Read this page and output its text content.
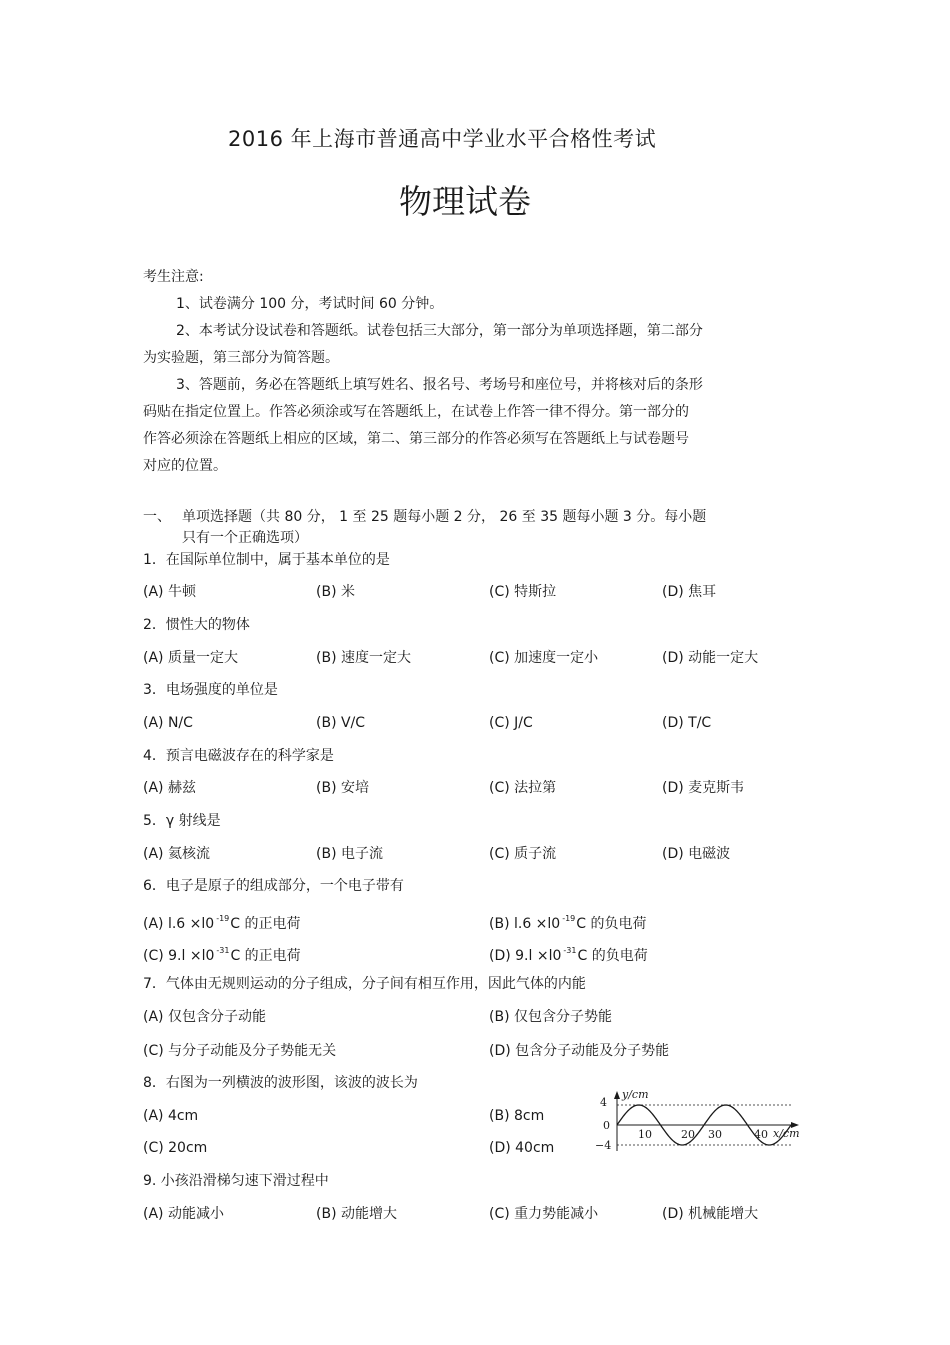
2016 年上海市普通高中学业水平合格性考试
物理试卷
考生注意:
1、试卷满分 100 分，考试时间 60 分钟。
2、本考试分设试卷和答题纸。试卷包括三大部分，第一部分为单项选择题，第二部分
为实验题，第三部分为简答题。
3、答题前，务必在答题纸上填写姓名、报名号、考场号和座位号，并将核对后的条形
码贴在指定位置上。作答必须涂或写在答题纸上，在试卷上作答一律不得分。第一部分的
作答必须涂在答题纸上相应的区域，第二、第三部分的作答必须写在答题纸上与试卷题号
对应的位置。
一、 单项选择题（共 80 分， 1 至 25 题每小题 2 分， 26 至 35 题每小题 3 分。每小题
只有一个正确选项）
1．在国际单位制中，属于基本单位的是
(A) 牛顿	(B) 米	(C) 特斯拉	(D) 焦耳
2．惯性大的物体
(A) 质量一定大	(B) 速度一定大	(C) 加速度一定小	(D) 动能一定大
3．电场强度的单位是
(A) N/C	(B) V/C	(C) J/C	(D) T/C
4．预言电磁波存在的科学家是
(A) 赫兹	(B) 安培	(C) 法拉第	(D) 麦克斯韦
5．γ 射线是
(A) 氦核流	(B) 电子流	(C) 质子流	(D) 电磁波
6．电子是原子的组成部分，一个电子带有
(A) l.6 ×l0 $^{-19}$C 的正电荷	(B) l.6 ×l0 $^{-19}$C 的负电荷
(C) 9.l ×l0 $^{-31}$C 的正电荷	(D) 9.l ×l0 $^{-31}$C 的负电荷
7．气体由无规则运动的分子组成，分子间有相互作用，因此气体的内能
(A) 仅包含分子动能	(B) 仅包含分子势能
(C) 与分子动能及分子势能无关	(D) 包含分子动能及分子势能
8．右图为一列横波的波形图，该波的波长为
(A) 4cm	(B) 8cm
(C) 20cm	(D) 40cm
y/cm
x/cm
4
0
−4
10	20 30	40
9. 小孩沿滑梯匀速下滑过程中
(A) 动能减小	(B) 动能增大	(C) 重力势能减小	(D) 机械能增大
